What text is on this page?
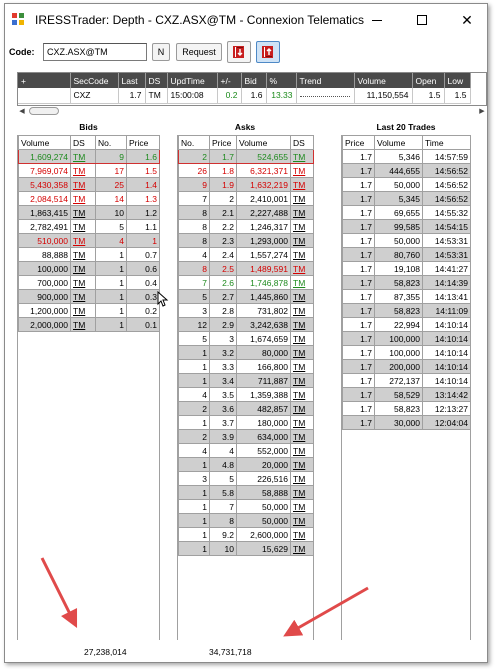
IRESSTrader: Depth - CXZ.ASX@TM - Connexion Telematics	✕
Code:
CXZ.ASX@TM	N	Request
+	SecCode	Last	DS	UpdTime	+/-	Bid	%	Trend	Volume	Open	Low
	CXZ	1.7	TM	15:00:08	0.2	1.6	13.33		11,150,554	1.5	1.5
◀	▶
Bids	Asks	Last 20 Trades
Volume	DS	No.	Price
1,609,274	TM	9	1.6
7,969,074	TM	17	1.5
5,430,358	TM	25	1.4
2,084,514	TM	14	1.3
1,863,415	TM	10	1.2
2,782,491	TM	5	1.1
510,000	TM	4	1
88,888	TM	1	0.7
100,000	TM	1	0.6
700,000	TM	1	0.4
900,000	TM	1	0.3
1,200,000	TM	1	0.2
2,000,000	TM	1	0.1
No.	Price	Volume	DS
2	1.7	524,655	TM
26	1.8	6,321,371	TM
9	1.9	1,632,219	TM
7	2	2,410,001	TM
8	2.1	2,227,488	TM
8	2.2	1,246,317	TM
8	2.3	1,293,000	TM
4	2.4	1,557,274	TM
8	2.5	1,489,591	TM
7	2.6	1,746,878	TM
5	2.7	1,445,860	TM
3	2.8	731,802	TM
12	2.9	3,242,638	TM
5	3	1,674,659	TM
1	3.2	80,000	TM
1	3.3	166,800	TM
1	3.4	711,887	TM
4	3.5	1,359,388	TM
2	3.6	482,857	TM
1	3.7	180,000	TM
2	3.9	634,000	TM
4	4	552,000	TM
1	4.8	20,000	TM
3	5	226,516	TM
1	5.8	58,888	TM
1	7	50,000	TM
1	8	50,000	TM
1	9.2	2,600,000	TM
1	10	15,629	TM
Price	Volume	Time
1.7	5,346	14:57:59
1.7	444,655	14:56:52
1.7	50,000	14:56:52
1.7	5,345	14:56:52
1.7	69,655	14:55:32
1.7	99,585	14:54:15
1.7	50,000	14:53:31
1.7	80,760	14:53:31
1.7	19,108	14:41:27
1.7	58,823	14:14:39
1.7	87,355	14:13:41
1.7	58,823	14:11:09
1.7	22,994	14:10:14
1.7	100,000	14:10:14
1.7	100,000	14:10:14
1.7	200,000	14:10:14
1.7	272,137	14:10:14
1.7	58,529	13:14:42
1.7	58,823	12:13:27
1.7	30,000	12:04:04
27,238,014	34,731,718
